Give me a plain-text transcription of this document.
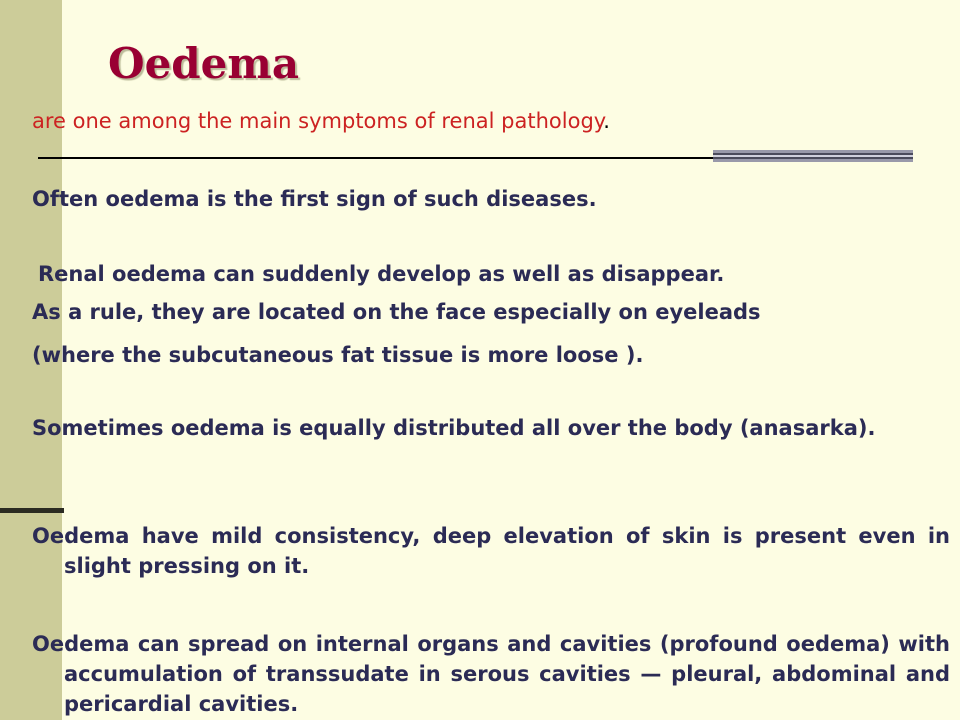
Oedema
are one among the main symptoms of renal pathology.

Often oedema is the first sign of such diseases.

Renal oedema can suddenly develop as well as disappear.

As a rule, they are located on the face especially on eyeleads

(where the subcutaneous fat tissue is more loose ).

Sometimes oedema is equally distributed all over the body (anasarka).

Oedema have mild consistency, deep elevation of skin is present even in slight pressing on it.

Oedema can spread on internal organs and cavities (profound oedema) with accumulation of transsudate in serous cavities — pleural, abdominal and pericardial cavities.
